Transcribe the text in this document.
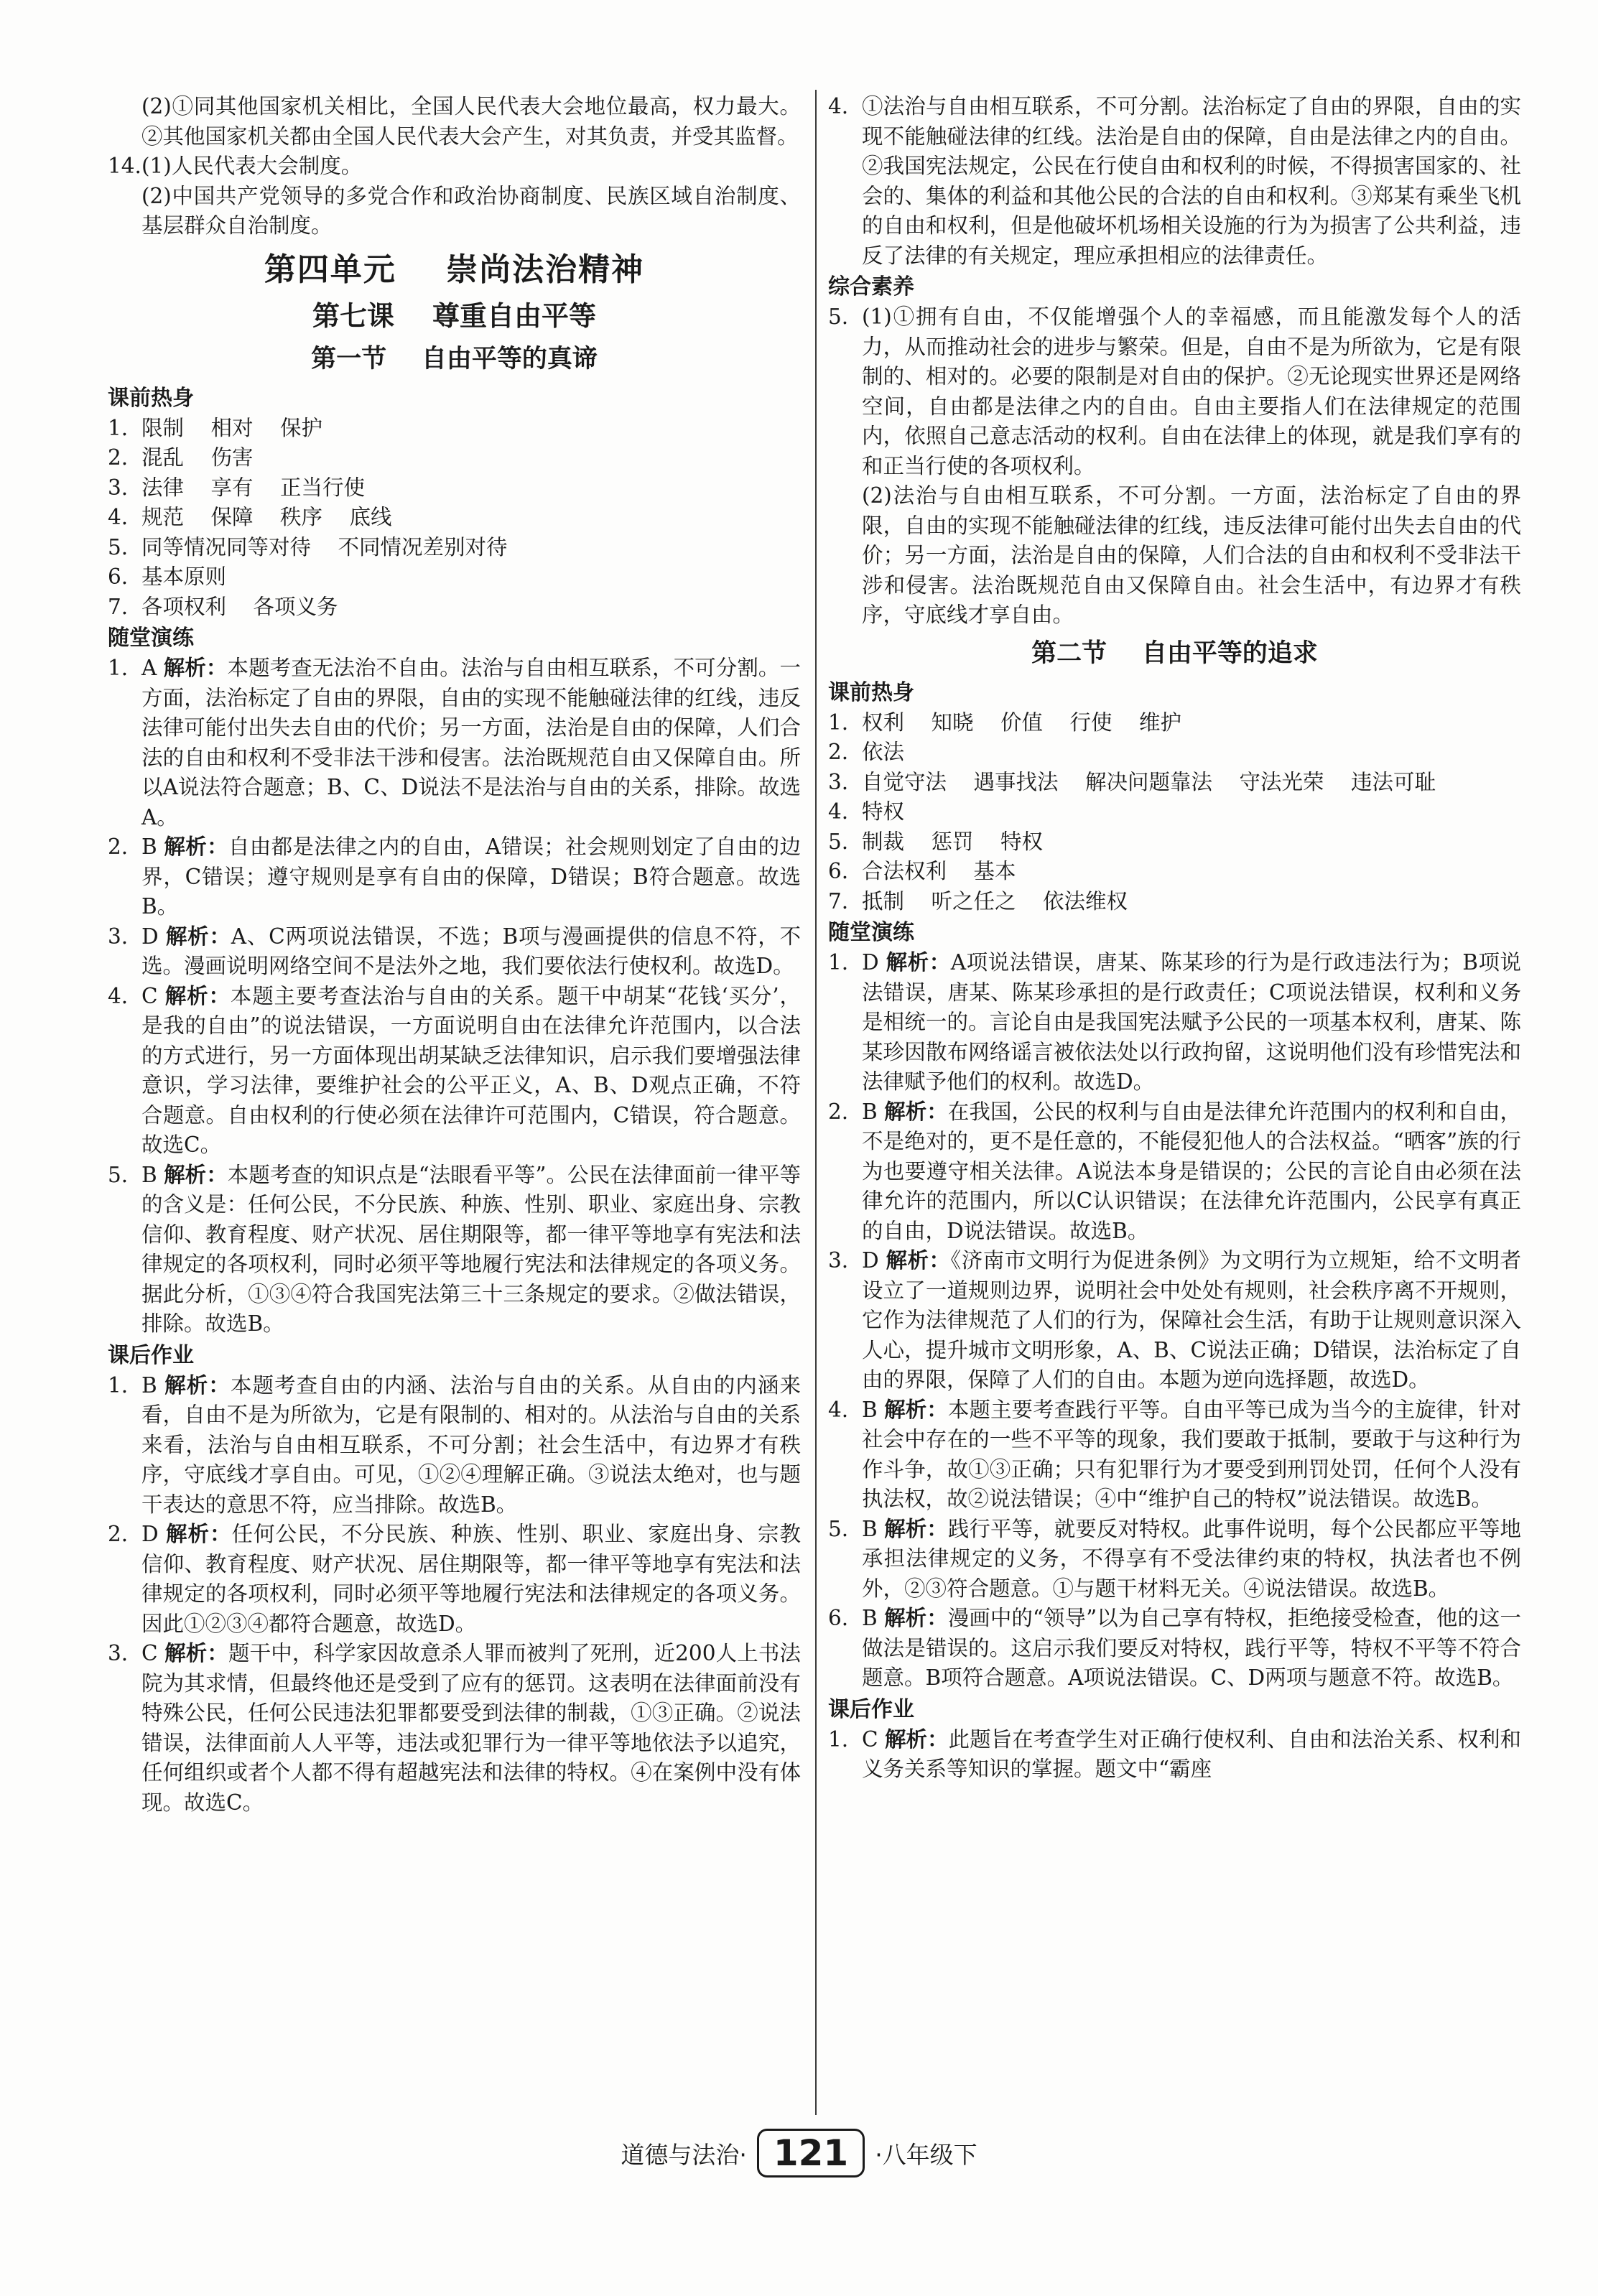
(2)①同其他国家机关相比，全国人民代表大会地位最高，权力最大。②其他国家机关都由全国人民代表大会产生，对其负责，并受其监督。

14. (1)人民代表大会制度。

(2)中国共产党领导的多党合作和政治协商制度、民族区域自治制度、基层群众自治制度。

第四单元    崇尚法治精神
第七课    尊重自由平等
第一节    自由平等的真谛
课前热身
1. 限制    相对    保护
2. 混乱    伤害
3. 法律    享有    正当行使
4. 规范    保障    秩序    底线
5. 同等情况同等对待    不同情况差别对待
6. 基本原则
7. 各项权利    各项义务
随堂演练
1. A 解析：本题考查无法治不自由。法治与自由相互联系，不可分割。一方面，法治标定了自由的界限，自由的实现不能触碰法律的红线，违反法律可能付出失去自由的代价；另一方面，法治是自由的保障，人们合法的自由和权利不受非法干涉和侵害。法治既规范自由又保障自由。所以A说法符合题意；B、C、D说法不是法治与自由的关系，排除。故选A。
2. B 解析：自由都是法律之内的自由，A错误；社会规则划定了自由的边界，C错误；遵守规则是享有自由的保障，D错误；B符合题意。故选B。
3. D 解析：A、C两项说法错误，不选；B项与漫画提供的信息不符，不选。漫画说明网络空间不是法外之地，我们要依法行使权利。故选D。
4. C 解析：本题主要考查法治与自由的关系。题干中胡某“花钱‘买分’，是我的自由”的说法错误，一方面说明自由在法律允许范围内，以合法的方式进行，另一方面体现出胡某缺乏法律知识，启示我们要增强法律意识，学习法律，要维护社会的公平正义，A、B、D观点正确，不符合题意。自由权利的行使必须在法律许可范围内，C错误，符合题意。故选C。
5. B 解析：本题考查的知识点是“法眼看平等”。公民在法律面前一律平等的含义是：任何公民，不分民族、种族、性别、职业、家庭出身、宗教信仰、教育程度、财产状况、居住期限等，都一律平等地享有宪法和法律规定的各项权利，同时必须平等地履行宪法和法律规定的各项义务。据此分析，①③④符合我国宪法第三十三条规定的要求。②做法错误，排除。故选B。
课后作业
1. B 解析：本题考查自由的内涵、法治与自由的关系。从自由的内涵来看，自由不是为所欲为，它是有限制的、相对的。从法治与自由的关系来看，法治与自由相互联系，不可分割；社会生活中，有边界才有秩序，守底线才享自由。可见，①②④理解正确。③说法太绝对，也与题干表达的意思不符，应当排除。故选B。
2. D 解析：任何公民，不分民族、种族、性别、职业、家庭出身、宗教信仰、教育程度、财产状况、居住期限等，都一律平等地享有宪法和法律规定的各项权利，同时必须平等地履行宪法和法律规定的各项义务。因此①②③④都符合题意，故选D。
3. C 解析：题干中，科学家因故意杀人罪而被判了死刑，近200人上书法院为其求情，但最终他还是受到了应有的惩罚。这表明在法律面前没有特殊公民，任何公民违法犯罪都要受到法律的制裁，①③正确。②说法错误，法律面前人人平等，违法或犯罪行为一律平等地依法予以追究，任何组织或者个人都不得有超越宪法和法律的特权。④在案例中没有体现。故选C。
4. ①法治与自由相互联系，不可分割。法治标定了自由的界限，自由的实现不能触碰法律的红线。法治是自由的保障，自由是法律之内的自由。②我国宪法规定，公民在行使自由和权利的时候，不得损害国家的、社会的、集体的利益和其他公民的合法的自由和权利。③郑某有乘坐飞机的自由和权利，但是他破坏机场相关设施的行为为损害了公共利益，违反了法律的有关规定，理应承担相应的法律责任。
综合素养
5. (1)①拥有自由，不仅能增强个人的幸福感，而且能激发每个人的活力，从而推动社会的进步与繁荣。但是，自由不是为所欲为，它是有限制的、相对的。必要的限制是对自由的保护。②无论现实世界还是网络空间，自由都是法律之内的自由。自由主要指人们在法律规定的范围内，依照自己意志活动的权利。自由在法律上的体现，就是我们享有的和正当行使的各项权利。

(2)法治与自由相互联系，不可分割。一方面，法治标定了自由的界限，自由的实现不能触碰法律的红线，违反法律可能付出失去自由的代价；另一方面，法治是自由的保障，人们合法的自由和权利不受非法干涉和侵害。法治既规范自由又保障自由。社会生活中，有边界才有秩序，守底线才享自由。

第二节    自由平等的追求
课前热身
1. 权利    知晓    价值    行使    维护
2. 依法
3. 自觉守法    遇事找法    解决问题靠法    守法光荣    违法可耻
4. 特权
5. 制裁    惩罚    特权
6. 合法权利    基本
7. 抵制    听之任之    依法维权
随堂演练
1. D 解析：A项说法错误，唐某、陈某珍的行为是行政违法行为；B项说法错误，唐某、陈某珍承担的是行政责任；C项说法错误，权利和义务是相统一的。言论自由是我国宪法赋予公民的一项基本权利，唐某、陈某珍因散布网络谣言被依法处以行政拘留，这说明他们没有珍惜宪法和法律赋予他们的权利。故选D。
2. B 解析：在我国，公民的权利与自由是法律允许范围内的权利和自由，不是绝对的，更不是任意的，不能侵犯他人的合法权益。“晒客”族的行为也要遵守相关法律。A说法本身是错误的；公民的言论自由必须在法律允许的范围内，所以C认识错误；在法律允许范围内，公民享有真正的自由，D说法错误。故选B。
3. D 解析：《济南市文明行为促进条例》为文明行为立规矩，给不文明者设立了一道规则边界，说明社会中处处有规则，社会秩序离不开规则，它作为法律规范了人们的行为，保障社会生活，有助于让规则意识深入人心，提升城市文明形象，A、B、C说法正确；D错误，法治标定了自由的界限，保障了人们的自由。本题为逆向选择题，故选D。
4. B 解析：本题主要考查践行平等。自由平等已成为当今的主旋律，针对社会中存在的一些不平等的现象，我们要敢于抵制，要敢于与这种行为作斗争，故①③正确；只有犯罪行为才要受到刑罚处罚，任何个人没有执法权，故②说法错误；④中“维护自己的特权”说法错误。故选B。
5. B 解析：践行平等，就要反对特权。此事件说明，每个公民都应平等地承担法律规定的义务，不得享有不受法律约束的特权，执法者也不例外，②③符合题意。①与题干材料无关。④说法错误。故选B。
6. B 解析：漫画中的“领导”以为自己享有特权，拒绝接受检查，他的这一做法是错误的。这启示我们要反对特权，践行平等，特权不平等不符合题意。B项符合题意。A项说法错误。C、D两项与题意不符。故选B。
课后作业
1. C 解析：此题旨在考查学生对正确行使权利、自由和法治关系、权利和义务关系等知识的掌握。题文中“霸座
道德与法治· 121	·八年级下
